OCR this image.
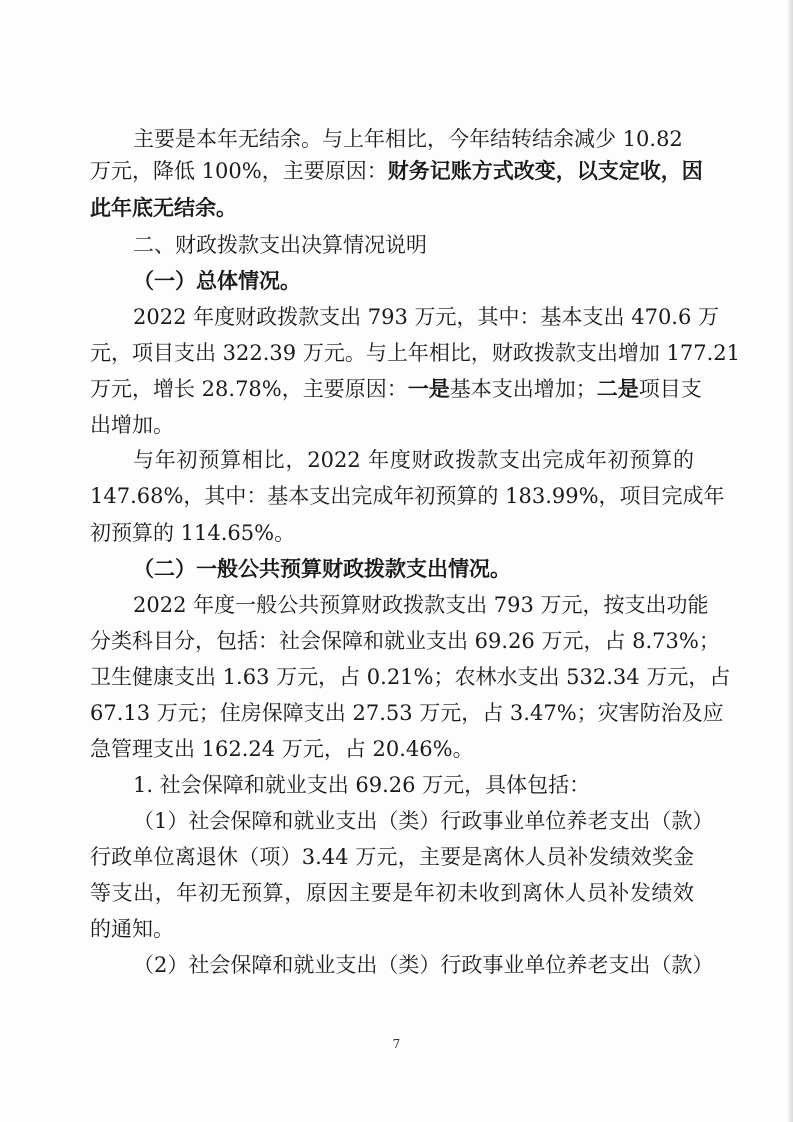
主要是本年无结余。与上年相比，今年结转结余减少 10.82
万元，降低 100%，主要原因：财务记账方式改变，以支定收，因
此年底无结余。
二、财政拨款支出决算情况说明
（一）总体情况。
2022 年度财政拨款支出 793 万元，其中：基本支出 470.6 万
元，项目支出 322.39 万元。与上年相比，财政拨款支出增加 177.21
万元，增长 28.78%，主要原因：一是基本支出增加；二是项目支
出增加。
与年初预算相比，2022 年度财政拨款支出完成年初预算的
147.68%，其中：基本支出完成年初预算的 183.99%，项目完成年
初预算的 114.65%。
（二）一般公共预算财政拨款支出情况。
2022 年度一般公共预算财政拨款支出 793 万元，按支出功能
分类科目分，包括：社会保障和就业支出 69.26 万元，占 8.73%；
卫生健康支出 1.63 万元，占 0.21%；农林水支出 532.34 万元，占
67.13 万元；住房保障支出 27.53 万元，占 3.47%；灾害防治及应
急管理支出 162.24 万元，占 20.46%。
1. 社会保障和就业支出 69.26 万元，具体包括：
（1）社会保障和就业支出（类）行政事业单位养老支出（款）
行政单位离退休（项）3.44 万元，主要是离休人员补发绩效奖金
等支出，年初无预算，原因主要是年初未收到离休人员补发绩效
的通知。
（2）社会保障和就业支出（类）行政事业单位养老支出（款）
7
